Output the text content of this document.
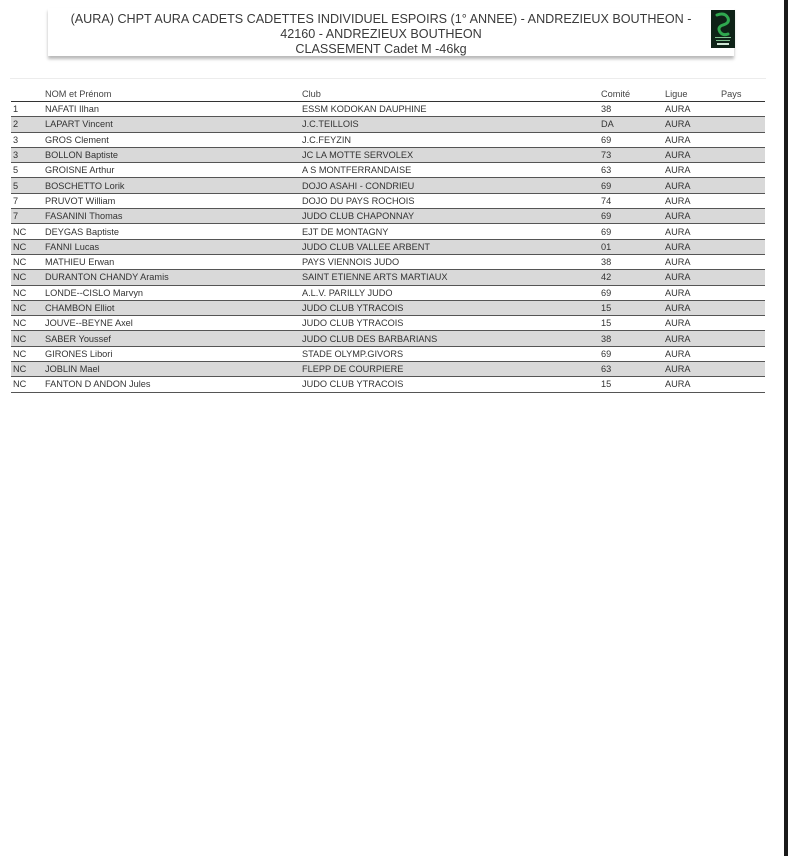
(AURA) CHPT AURA CADETS CADETTES INDIVIDUEL ESPOIRS (1° ANNEE) - ANDREZIEUX BOUTHEON -
42160 - ANDREZIEUX BOUTHEON
CLASSEMENT Cadet M -46kg
	NOM et Prénom	Club	Comité	Ligue	Pays
1	NAFATI Ilhan	ESSM KODOKAN DAUPHINE	38	AURA	
2	LAPART Vincent	J.C.TEILLOIS	DA	AURA	
3	GROS Clement	J.C.FEYZIN	69	AURA	
3	BOLLON Baptiste	JC LA MOTTE SERVOLEX	73	AURA	
5	GROISNE Arthur	A S MONTFERRANDAISE	63	AURA	
5	BOSCHETTO Lorik	DOJO ASAHI - CONDRIEU	69	AURA	
7	PRUVOT William	DOJO DU PAYS ROCHOIS	74	AURA	
7	FASANINI Thomas	JUDO CLUB CHAPONNAY	69	AURA	
NC	DEYGAS Baptiste	EJT DE MONTAGNY	69	AURA	
NC	FANNI Lucas	JUDO CLUB VALLEE ARBENT	01	AURA	
NC	MATHIEU Erwan	PAYS VIENNOIS JUDO	38	AURA	
NC	DURANTON CHANDY Aramis	SAINT ETIENNE ARTS MARTIAUX	42	AURA	
NC	LONDE--CISLO Marvyn	A.L.V. PARILLY JUDO	69	AURA	
NC	CHAMBON Elliot	JUDO CLUB YTRACOIS	15	AURA	
NC	JOUVE--BEYNE Axel	JUDO CLUB YTRACOIS	15	AURA	
NC	SABER Youssef	JUDO CLUB DES BARBARIANS	38	AURA	
NC	GIRONES Libori	STADE OLYMP.GIVORS	69	AURA	
NC	JOBLIN Mael	FLEPP DE COURPIERE	63	AURA	
NC	FANTON D ANDON Jules	JUDO CLUB YTRACOIS	15	AURA	
